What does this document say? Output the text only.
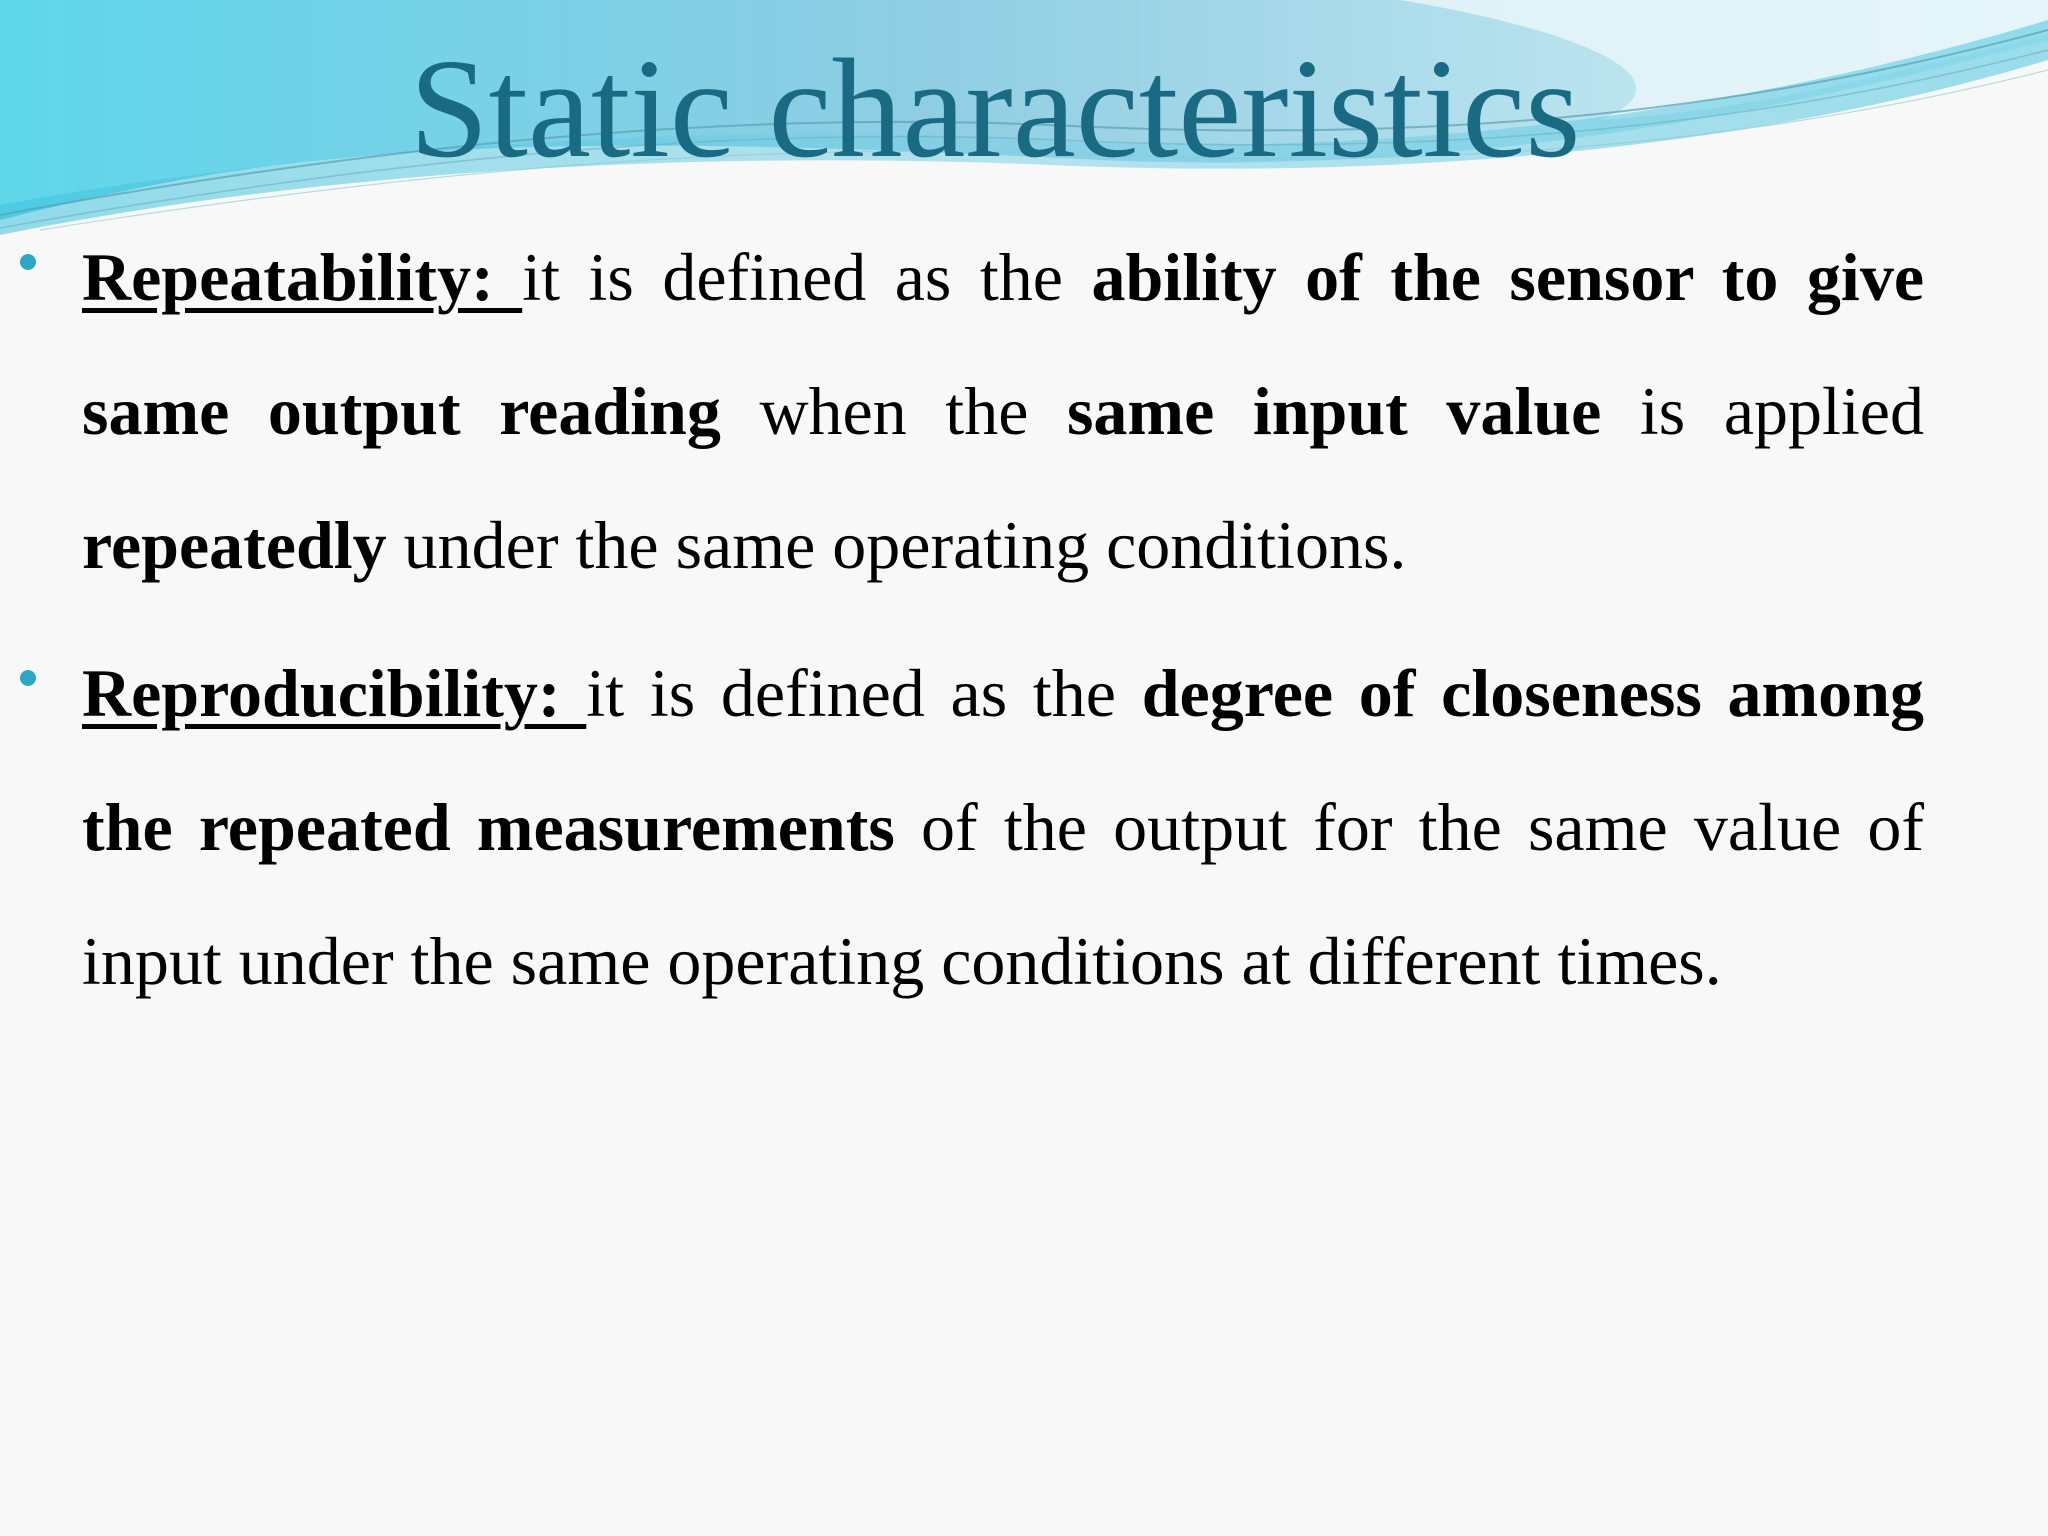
Static characteristics

Repeatability: it is defined as the ability of the sensor to give same output reading when the same input value is applied repeatedly under the same operating conditions.

Reproducibility: it is defined as the degree of closeness among the repeated measurements of the output for the same value of input under the same operating conditions at different times.
